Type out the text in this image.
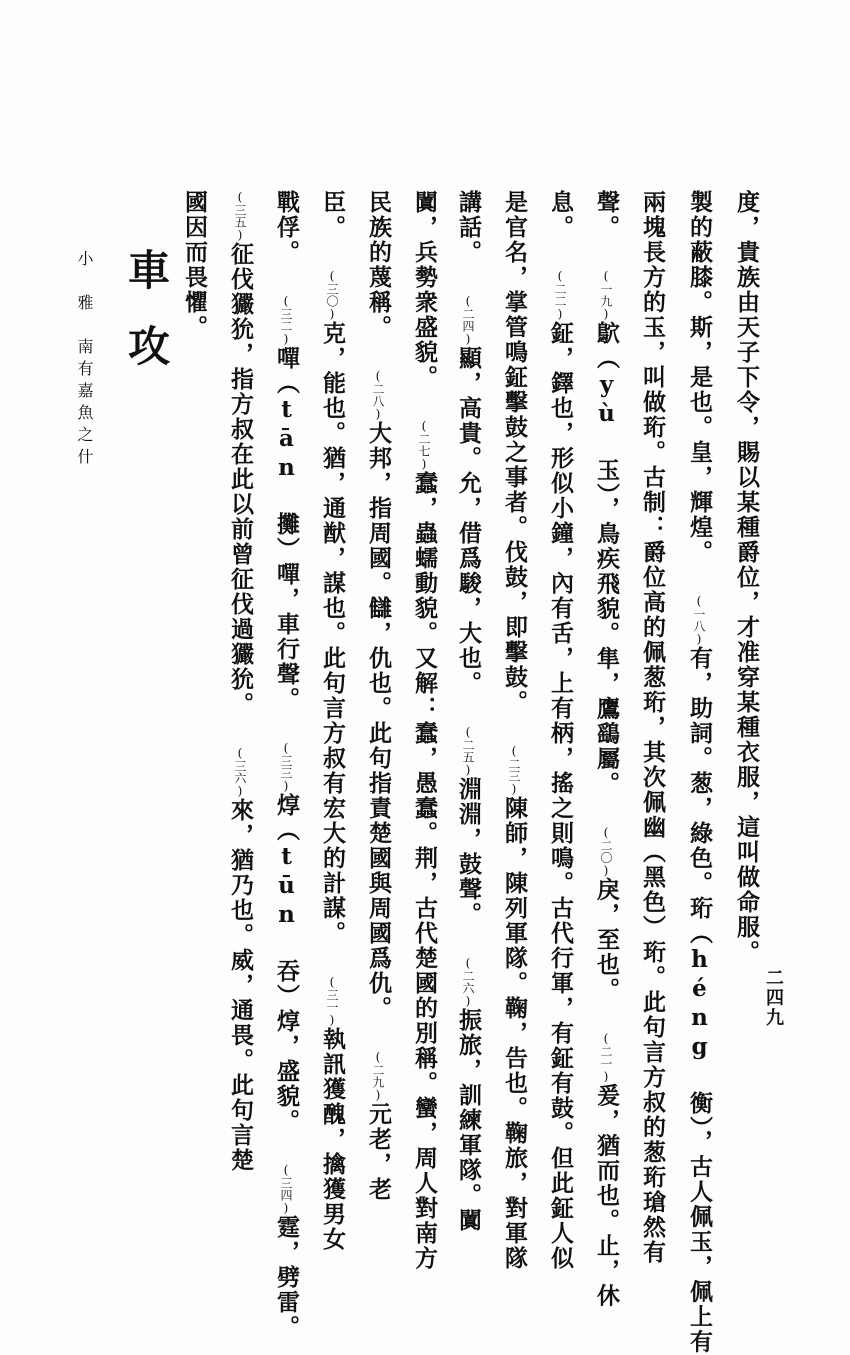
度，貴族由天子下令，賜以某種爵位，才准穿某種衣服，這叫做命服。
製的蔽膝。斯，是也。皇，輝煌。 (一八)有，助詞。葱，綠色。珩（héng 衡），古人佩玉，佩上有
兩塊長方的玉，叫做珩。古制：爵位高的佩葱珩，其次佩幽（黑色）珩。此句言方叔的葱珩瑲然有
聲。 (一九)鴥（yù 玉），鳥疾飛貌。隼，鷹鷂屬。 (二〇)戾，至也。 (二一)爰，猶而也。止，休
息。 (二二)鉦，鐸也，形似小鐘，內有舌，上有柄，搖之則鳴。古代行軍，有鉦有鼓。但此鉦人似
是官名，掌管鳴鉦擊鼓之事者。伐鼓，即擊鼓。 (二三)陳師，陳列軍隊。鞠，告也。鞠旅，對軍隊
講話。 (二四)顯，高貴。允，借爲駿，大也。 (二五)淵淵，鼓聲。 (二六)振旅，訓練軍隊。闐
闐，兵勢衆盛貌。 (二七)蠢，蟲蠕動貌。又解：蠢，愚蠢。荆，古代楚國的別稱。蠻，周人對南方
民族的蔑稱。 (二八)大邦，指周國。讎，仇也。此句指責楚國與周國爲仇。 (二九)元老，老
臣。 (三〇)克，能也。猶，通猷，謀也。此句言方叔有宏大的計謀。 (三一)執訊獲醜，擒獲男女
戰俘。 (三二)嘽（tān 攤）嘽，車行聲。 (三三)焞（tūn 吞）焞，盛貌。 (三四)霆，劈雷。
(三五)征伐玁狁，指方叔在此以前曾征伐過玁狁。 (三六)來，猶乃也。威，通畏。此句言楚
國因而畏懼。
車攻
小　雅　南有嘉魚之什
二四九
